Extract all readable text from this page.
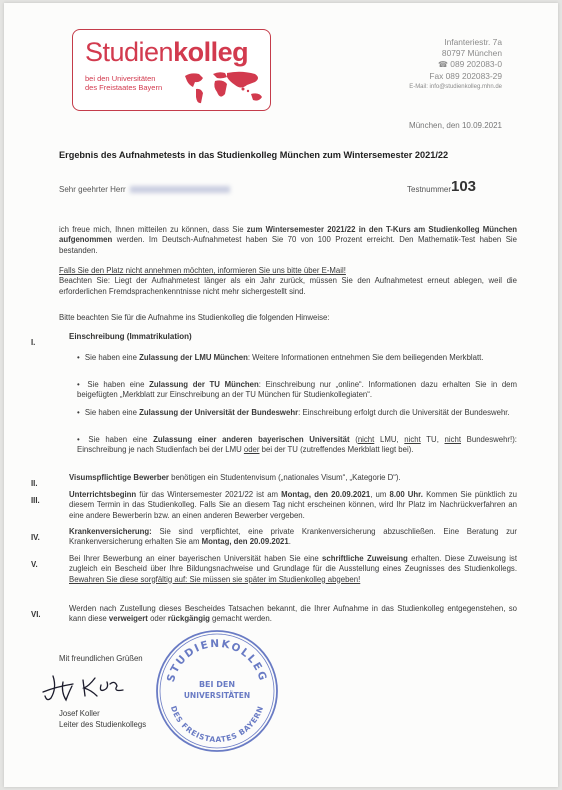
Studienkolleg
bei den Universitäten
des Freistaates Bayern
Infanteriestr. 7a
80797 München
☎ 089 202083-0
Fax 089 202083-29
E-Mail: info@studienkolleg.mhn.de
München, den 10.09.2021
Ergebnis des Aufnahmetests in das Studienkolleg München zum Wintersemester 2021/22
Sehr geehrter Herr	Testnummer 103
ich freue mich, Ihnen mitteilen zu können, dass Sie zum Wintersemester 2021/22 in den T-Kurs am Studienkolleg München aufgenommen werden. Im Deutsch-Aufnahmetest haben Sie 70 von 100 Prozent erreicht. Den Mathematik-Test haben Sie bestanden.
Falls Sie den Platz nicht annehmen möchten, informieren Sie uns bitte über E-Mail!
Beachten Sie: Liegt der Aufnahmetest länger als ein Jahr zurück, müssen Sie den Aufnahmetest erneut ablegen, weil die erforderlichen Fremdsprachenkenntnisse nicht mehr sichergestellt sind.
Bitte beachten Sie für die Aufnahme ins Studienkolleg die folgenden Hinweise:
I.
Einschreibung (Immatrikulation)
• Sie haben eine Zulassung der LMU München: Weitere Informationen entnehmen Sie dem beiliegenden Merkblatt.
• Sie haben eine Zulassung der TU München: Einschreibung nur „online“. Informationen dazu erhalten Sie in dem beigefügten „Merkblatt zur Einschreibung an der TU München für Studienkollegiaten“.
• Sie haben eine Zulassung der Universität der Bundeswehr: Einschreibung erfolgt durch die Universität der Bundeswehr.
• Sie haben eine Zulassung einer anderen bayerischen Universität (nicht LMU, nicht TU, nicht Bundeswehr!): Einschreibung je nach Studienfach bei der LMU oder bei der TU (zutreffendes Merkblatt liegt bei).
II.
Visumspflichtige Bewerber benötigen ein Studentenvisum („nationales Visum“, „Kategorie D“).
III.
Unterrichtsbeginn für das Wintersemester 2021/22 ist am Montag, den 20.09.2021, um 8.00 Uhr. Kommen Sie pünktlich zu diesem Termin in das Studienkolleg. Falls Sie an diesem Tag nicht erscheinen können, wird Ihr Platz im Nachrückverfahren an eine andere Bewerberin bzw. an einen anderen Bewerber vergeben.
IV.
Krankenversicherung: Sie sind verpflichtet, eine private Krankenversicherung abzuschließen. Eine Beratung zur Krankenversicherung erhalten Sie am Montag, den 20.09.2021.
V.
Bei Ihrer Bewerbung an einer bayerischen Universität haben Sie eine schriftliche Zuweisung erhalten. Diese Zuweisung ist zugleich ein Bescheid über Ihre Bildungsnachweise und Grundlage für die Ausstellung eines Zeugnisses des Studienkollegs. Bewahren Sie diese sorgfältig auf: Sie müssen sie später im Studienkolleg abgeben!
VI.
Werden nach Zustellung dieses Bescheides Tatsachen bekannt, die Ihrer Aufnahme in das Studienkolleg entgegenstehen, so kann diese verweigert oder rückgängig gemacht werden.
Mit freundlichen Grüßen
Josef Koller
Leiter des Studienkollegs
STUDIENKOLLEG
BEI DEN
UNIVERSITÄTEN
DES FREISTAATES BAYERN
